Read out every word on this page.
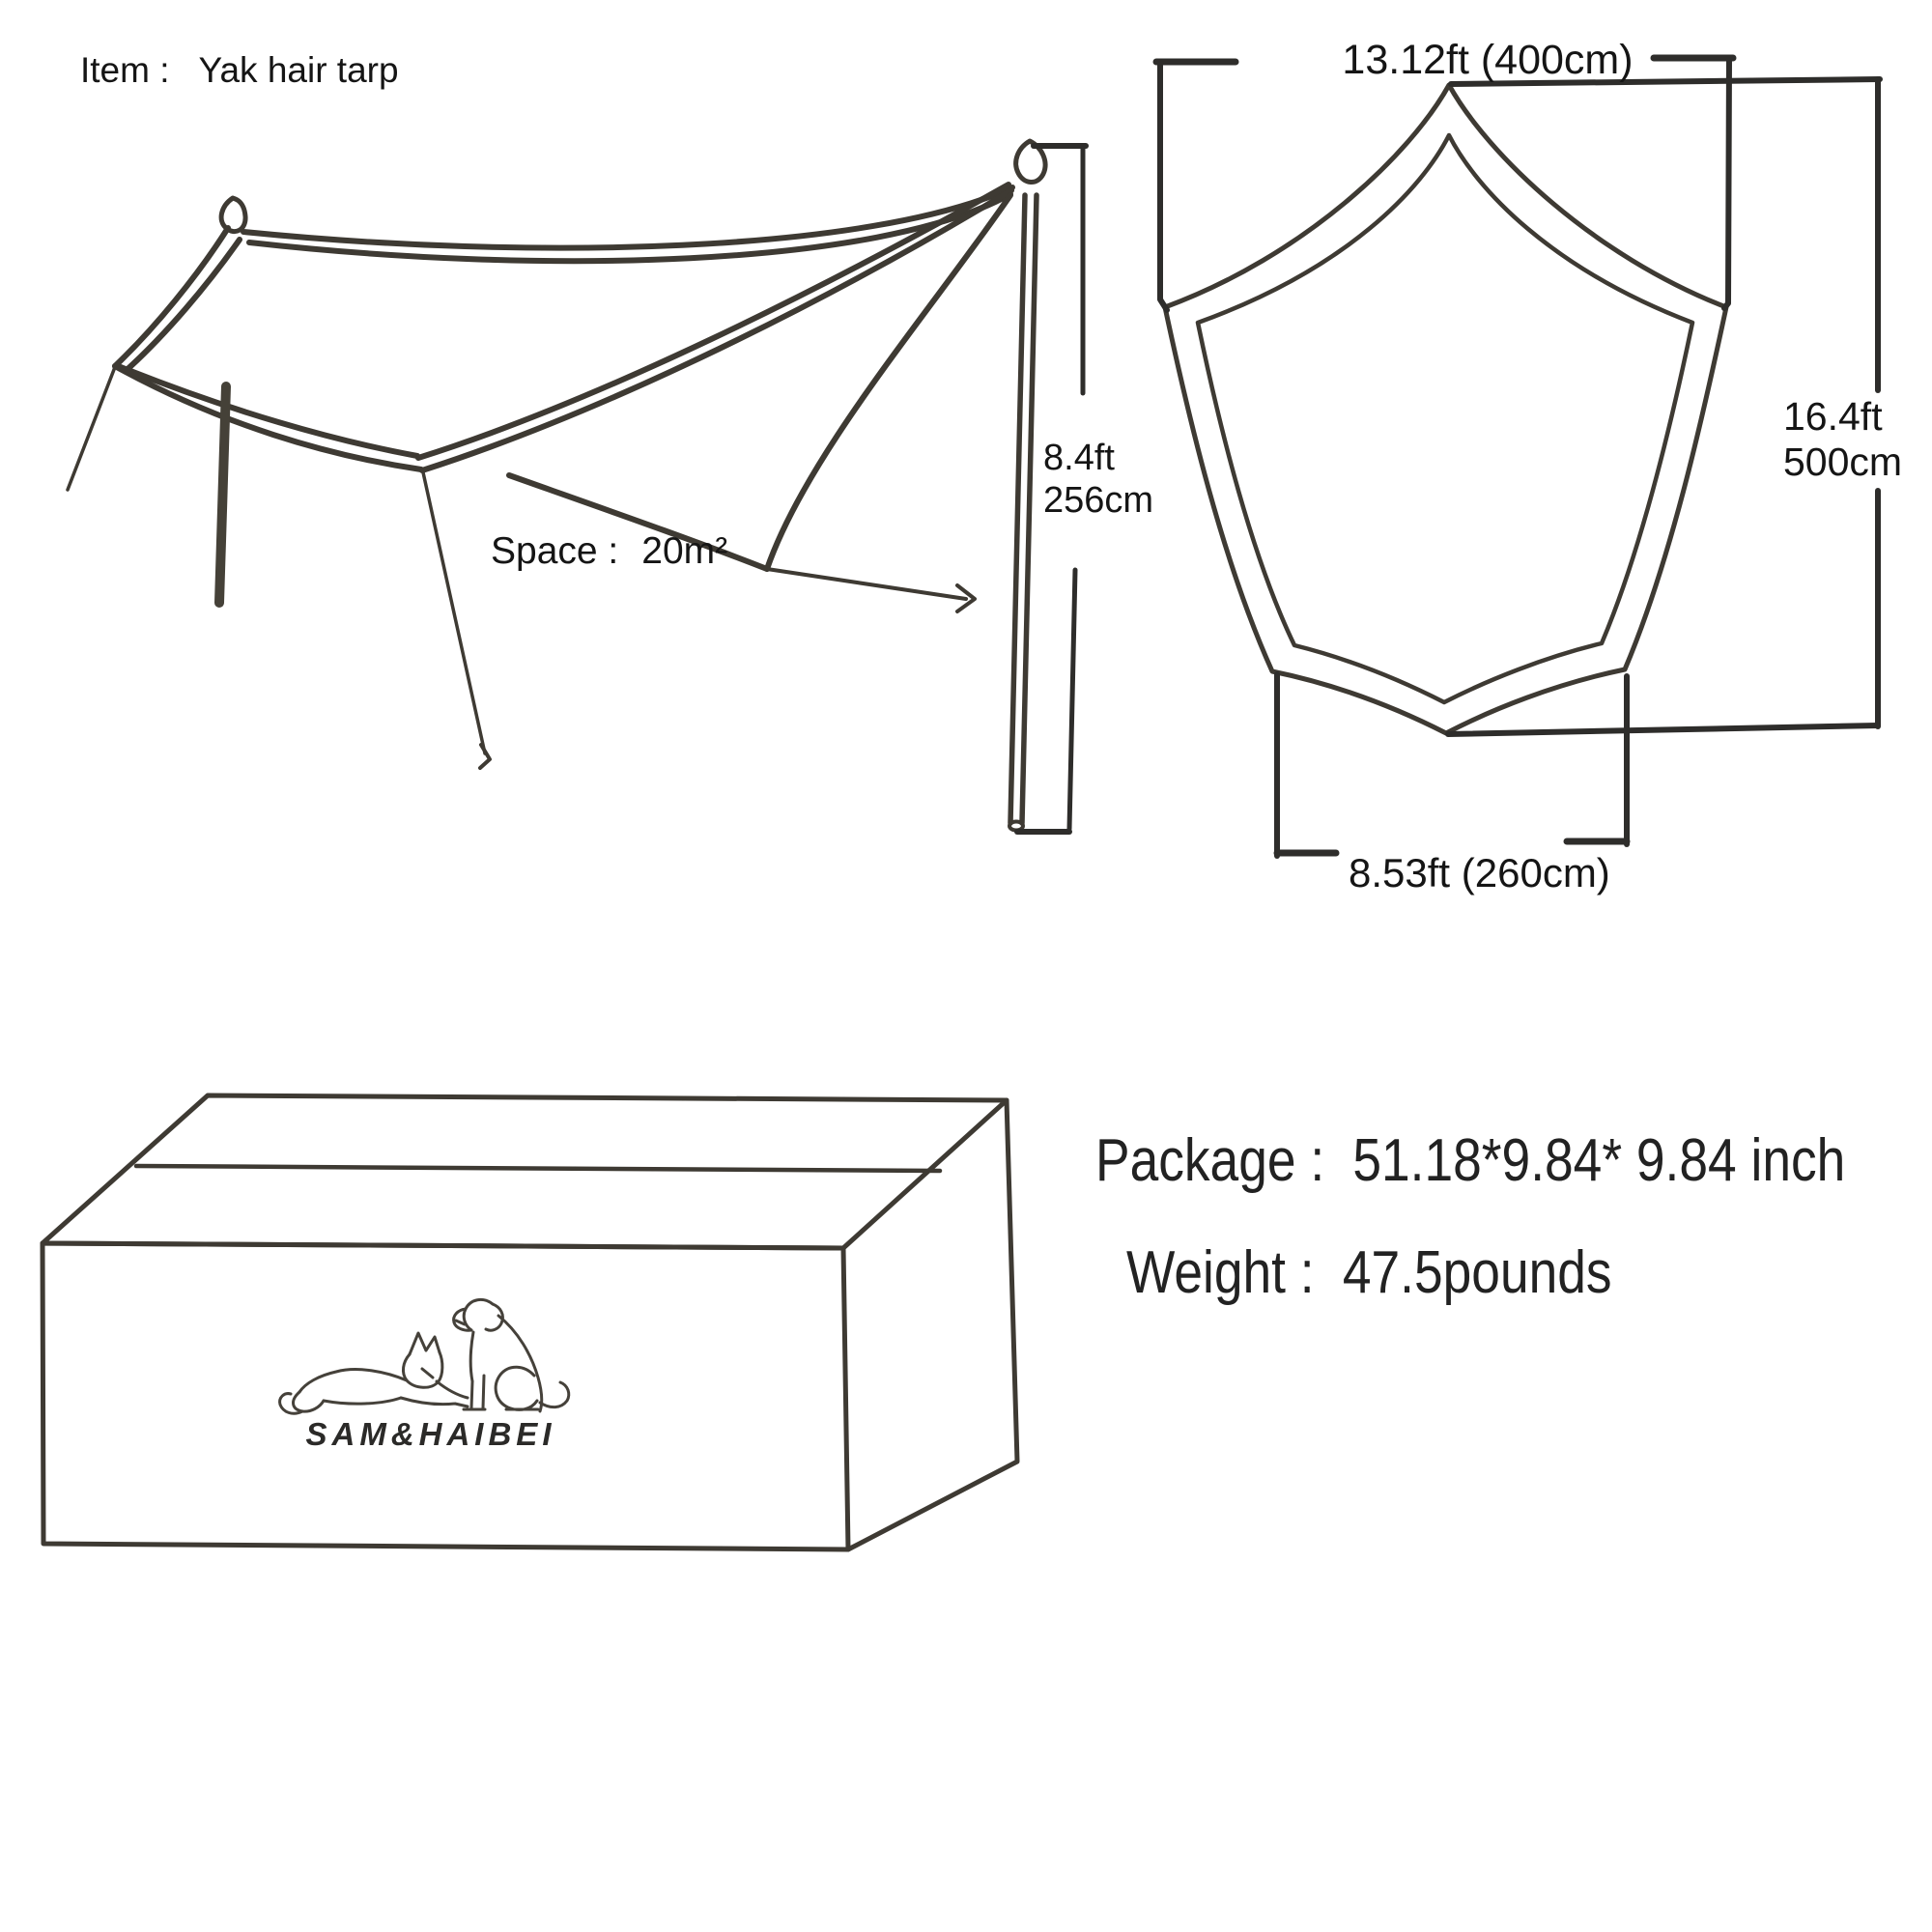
Item : Yak hair tarp
Space : 20m²
8.4ft
256cm
13.12ft (400cm)
16.4ft
500cm
8.53ft (260cm)
Package : 51.18*9.84* 9.84 inch
Weight : 47.5pounds
SAM&HAIBEI
